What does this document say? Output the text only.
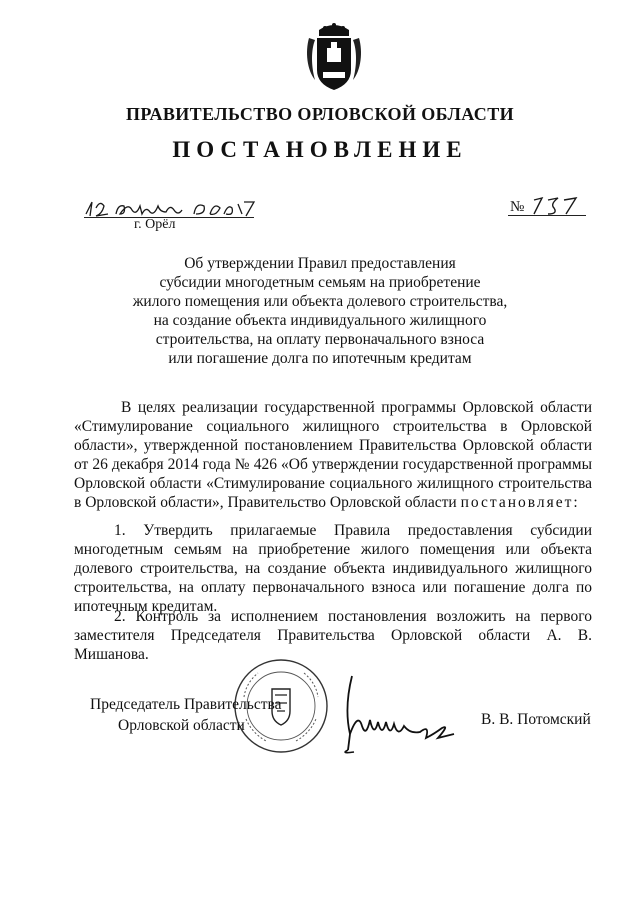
ПРАВИТЕЛЬСТВО ОРЛОВСКОЙ ОБЛАСТИ
ПОСТАНОВЛЕНИЕ
г. Орёл
№
Об утверждении Правил предоставления
субсидии многодетным семьям на приобретение
жилого помещения или объекта долевого строительства,
на создание объекта индивидуального жилищного
строительства, на оплату первоначального взноса
или погашение долга по ипотечным кредитам
В целях реализации государственной программы Орловской области «Стимулирование социального жилищного строительства в Орловской области», утвержденной постановлением Правительства Орловской области от 26 декабря 2014 года № 426 «Об утверждении государственной программы Орловской области «Стимулирование социального жилищного строительства в Орловской области», Правительство Орловской области постановляет:
1. Утвердить прилагаемые Правила предоставления субсидии многодетным семьям на приобретение жилого помещения или объекта долевого строительства, на создание объекта индивидуального жилищного строительства, на оплату первоначального взноса или погашение долга по ипотечным кредитам.
2. Контроль за исполнением постановления возложить на первого заместителя Председателя Правительства Орловской области А. В. Мишанова.
Председатель Правительства
Орловской области	В. В. Потомский
